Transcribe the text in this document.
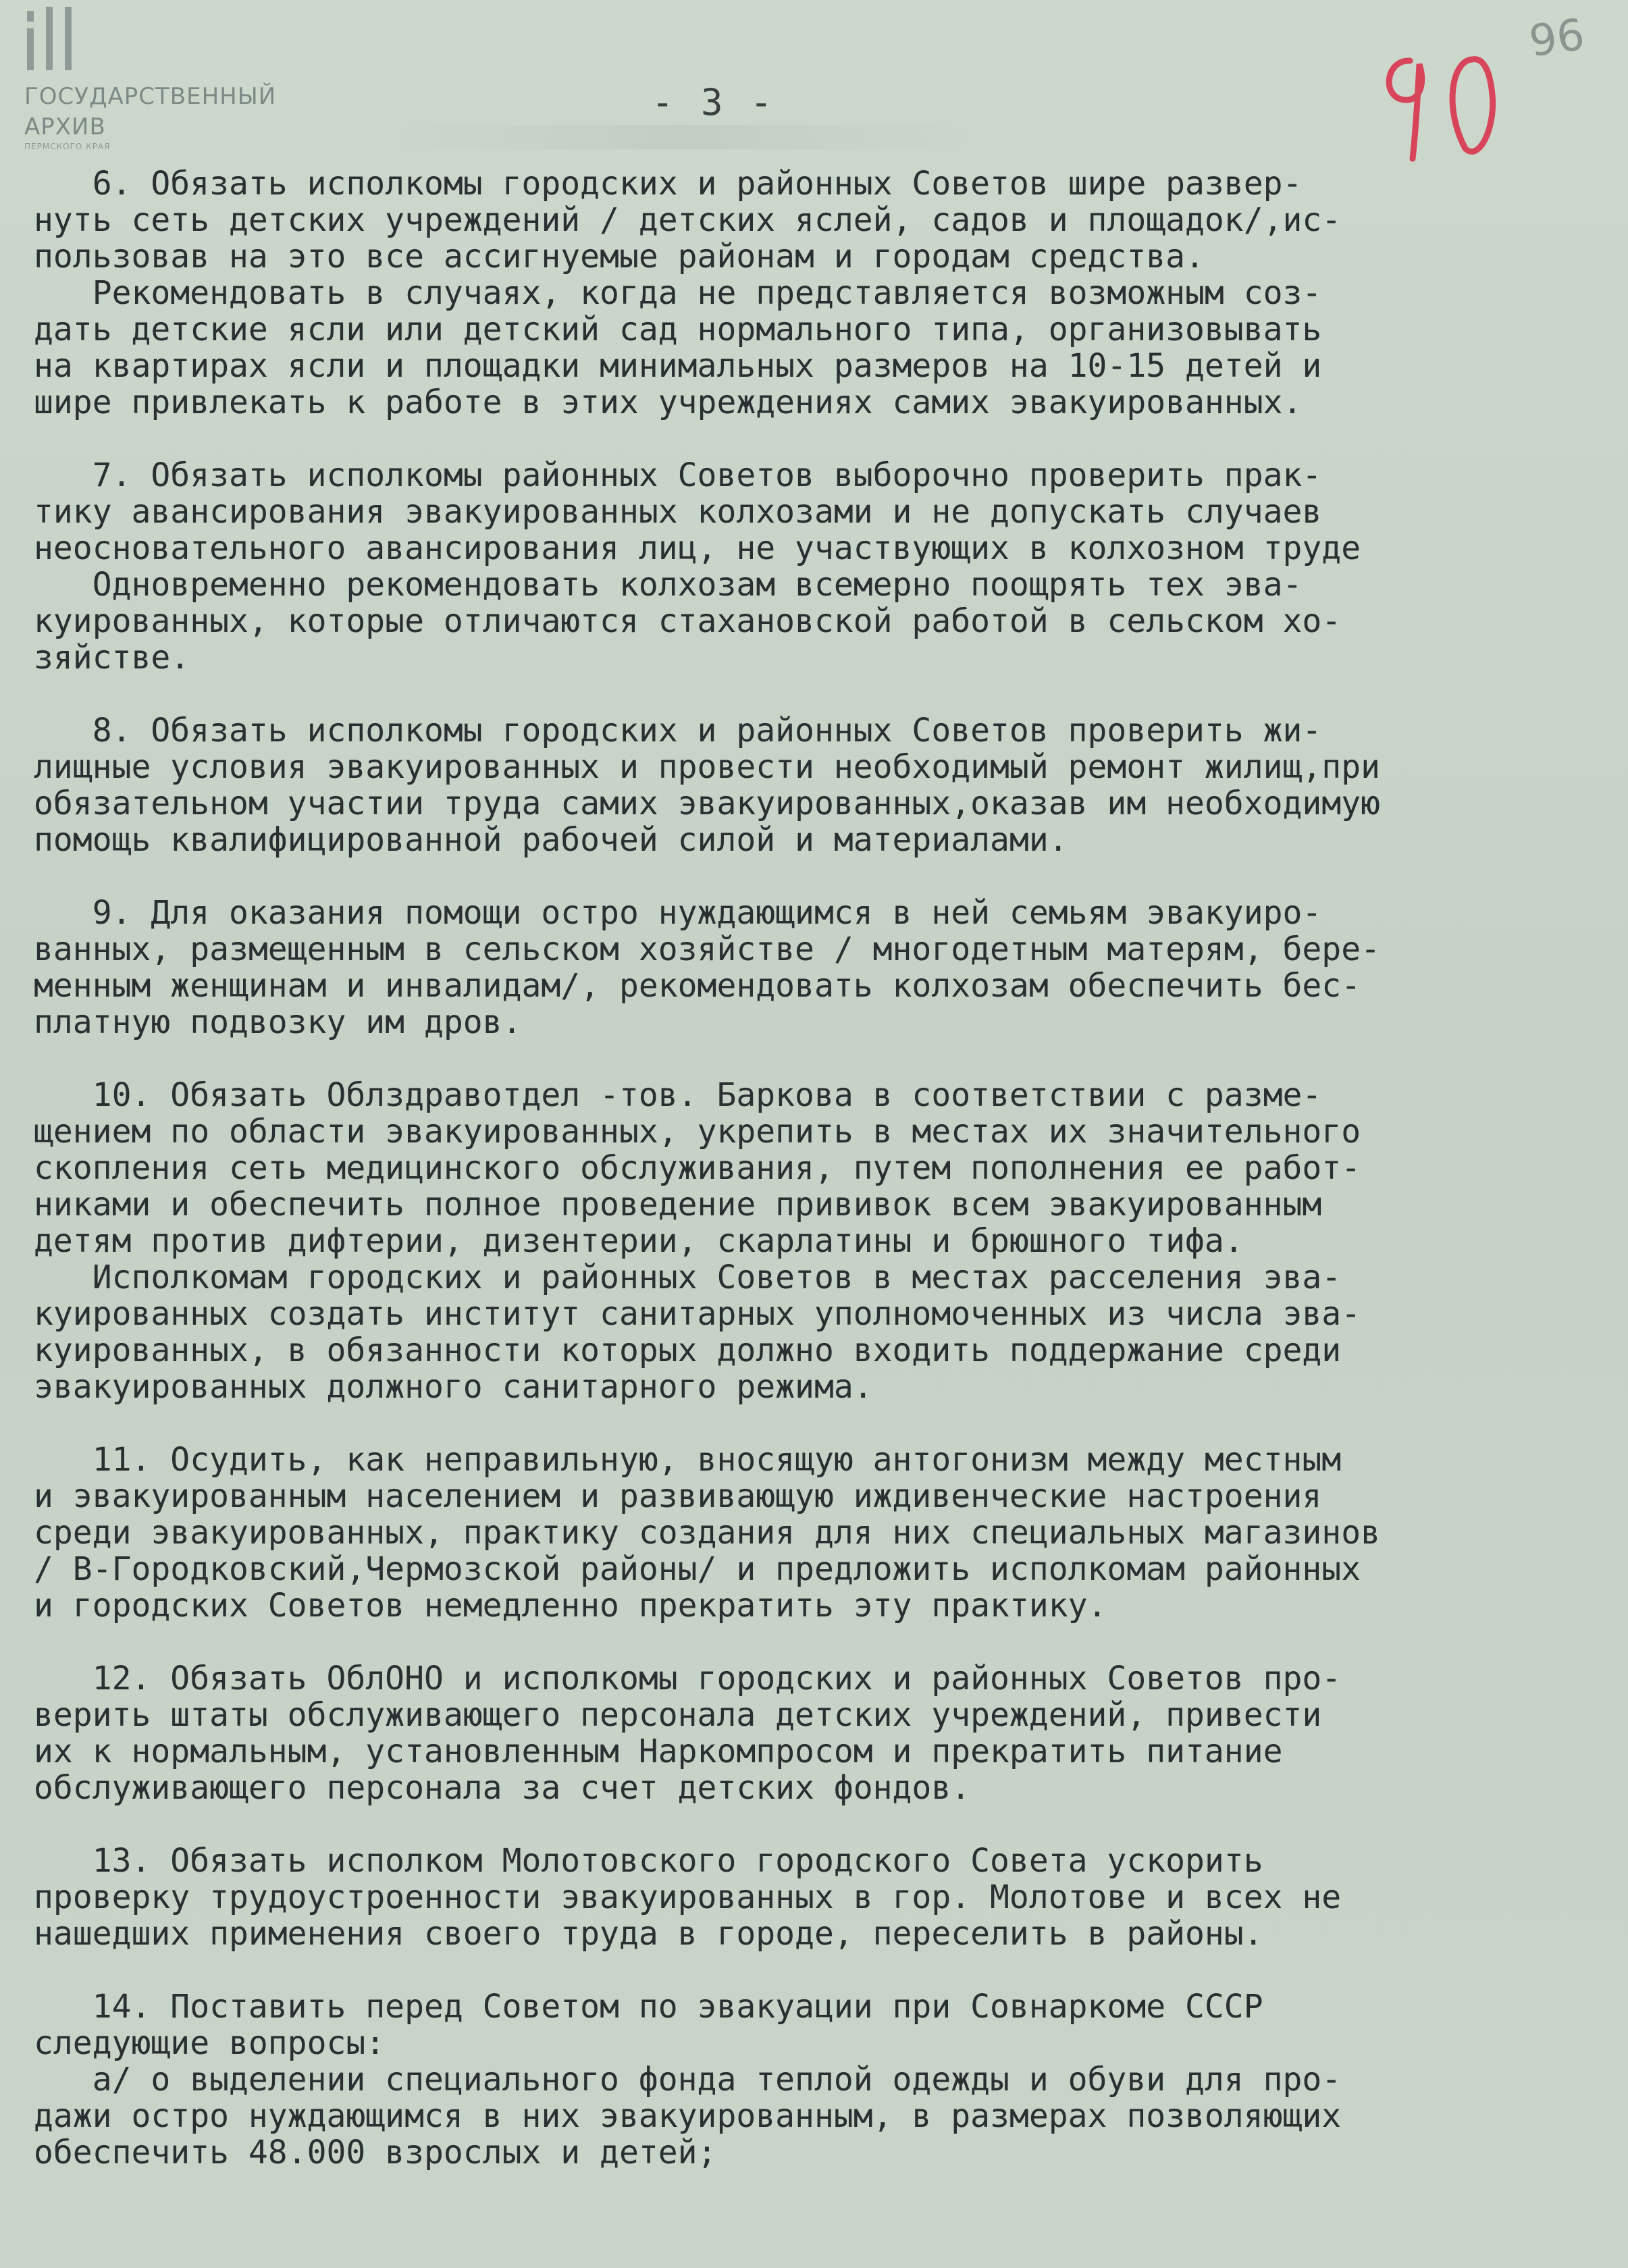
ГОСУДАРСТВЕННЫЙ
АРХИВ
ПЕРМСКОГО КРАЯ
- 3 -
96
6. Обязать исполкомы городских и районных Советов шире развер-
нуть сеть детских учреждений / детских яслей, садов и площадок/,ис-
пользовав на это все ассигнуемые районам и городам средства.
Рекомендовать в случаях, когда не представляется возможным соз-
дать детские ясли или детский сад нормального типа, организовывать
на квартирах ясли и площадки минимальных размеров на 10-15 детей и
шире привлекать к работе в этих учреждениях самих эвакуированных.
7. Обязать исполкомы районных Советов выборочно проверить прак-
тику авансирования эвакуированных колхозами и не допускать случаев
неосновательного авансирования лиц, не участвующих в колхозном труде
Одновременно рекомендовать колхозам всемерно поощрять тех эва-
куированных, которые отличаются стахановской работой в сельском хо-
зяйстве.
8. Обязать исполкомы городских и районных Советов проверить жи-
лищные условия эвакуированных и провести необходимый ремонт жилищ,при
обязательном участии труда самих эвакуированных,оказав им необходимую
помощь квалифицированной рабочей силой и материалами.
9. Для оказания помощи остро нуждающимся в ней семьям эвакуиро-
ванных, размещенным в сельском хозяйстве / многодетным матерям, бере-
менным женщинам и инвалидам/, рекомендовать колхозам обеспечить бес-
платную подвозку им дров.
10. Обязать Облздравотдел -тов. Баркова в соответствии с разме-
щением по области эвакуированных, укрепить в местах их значительного
скопления сеть медицинского обслуживания, путем пополнения ее работ-
никами и обеспечить полное проведение прививок всем эвакуированным
детям против дифтерии, дизентерии, скарлатины и брюшного тифа.
Исполкомам городских и районных Советов в местах расселения эва-
куированных создать институт санитарных уполномоченных из числа эва-
куированных, в обязанности которых должно входить поддержание среди
эвакуированных должного санитарного режима.
11. Осудить, как неправильную, вносящую антогонизм между местным
и эвакуированным населением и развивающую иждивенческие настроения
среди эвакуированных, практику создания для них специальных магазинов
/ В-Городковский,Чермозской районы/ и предложить исполкомам районных
и городских Советов немедленно прекратить эту практику.
12. Обязать ОблОНО и исполкомы городских и районных Советов про-
верить штаты обслуживающего персонала детских учреждений, привести
их к нормальным, установленным Наркомпросом и прекратить питание
обслуживающего персонала за счет детских фондов.
13. Обязать исполком Молотовского городского Совета ускорить
проверку трудоустроенности эвакуированных в гор. Молотове и всех не
нашедших применения своего труда в городе, переселить в районы.
14. Поставить перед Советом по эвакуации при Совнаркоме СССР
следующие вопросы:
а/ о выделении специального фонда теплой одежды и обуви для про-
дажи остро нуждающимся в них эвакуированным, в размерах позволяющих
обеспечить 48.000 взрослых и детей;
